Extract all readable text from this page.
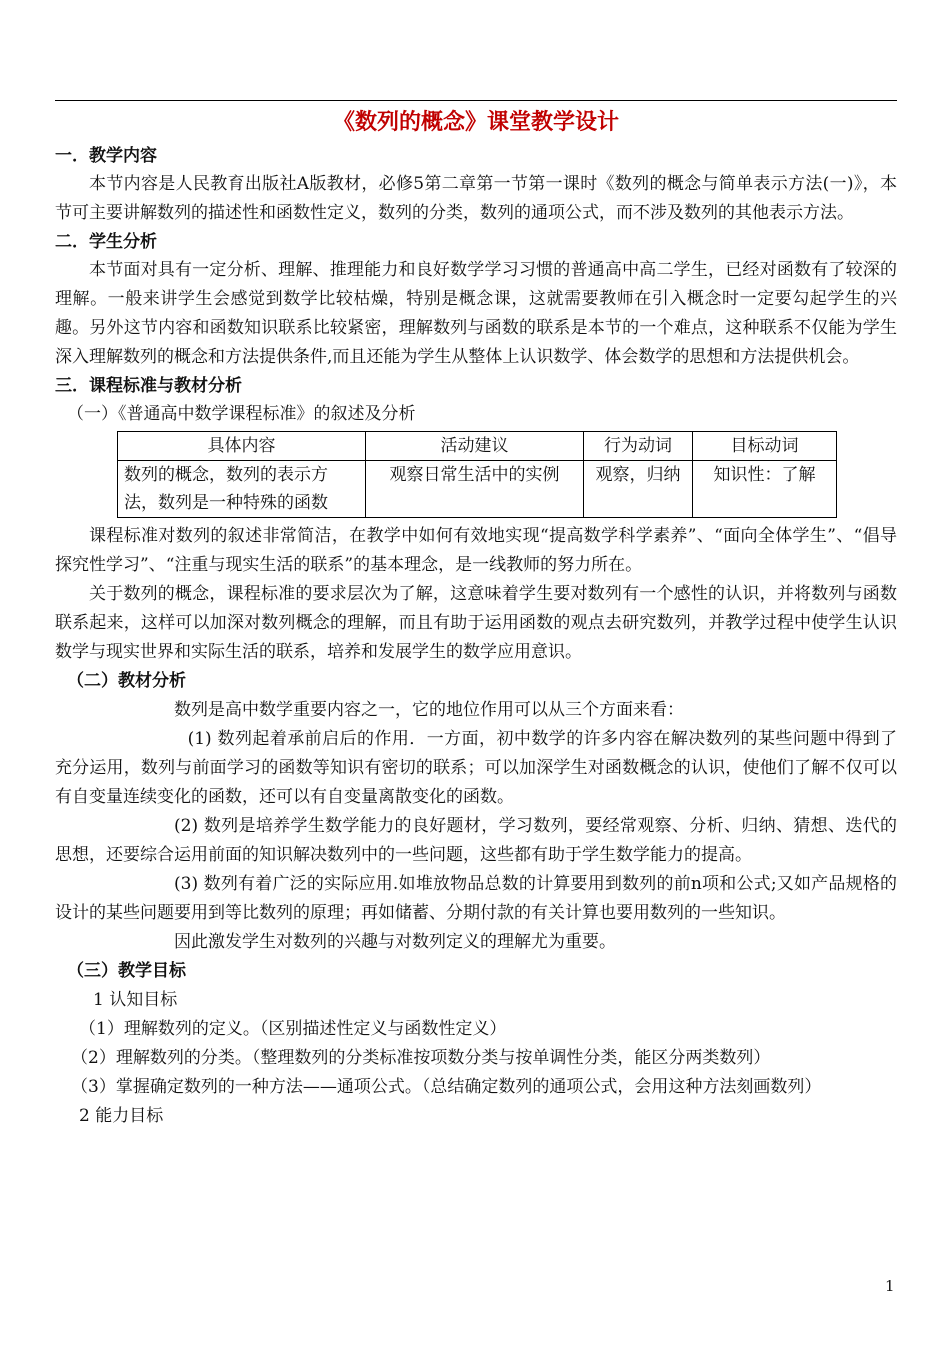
《数列的概念》课堂教学设计
一．教学内容

本节内容是人民教育出版社A版教材，必修5第二章第一节第一课时《数列的概念与简单表示方法(一)》，本节可主要讲解数列的描述性和函数性定义，数列的分类，数列的通项公式，而不涉及数列的其他表示方法。

二．学生分析

本节面对具有一定分析、理解、推理能力和良好数学学习习惯的普通高中高二学生，已经对函数有了较深的理解。一般来讲学生会感觉到数学比较枯燥，特别是概念课，这就需要教师在引入概念时一定要勾起学生的兴趣。另外这节内容和函数知识联系比较紧密，理解数列与函数的联系是本节的一个难点，这种联系不仅能为学生深入理解数列的概念和方法提供条件,而且还能为学生从整体上认识数学、体会数学的思想和方法提供机会。

三．课程标准与教材分析
（一）《普通高中数学课程标准》的叙述及分析
具体内容	活动建议	行为动词	目标动词
数列的概念，数列的表示方法，数列是一种特殊的函数	观察日常生活中的实例	观察，归纳	知识性：了解

课程标准对数列的叙述非常简洁，在教学中如何有效地实现“提高数学科学素养”、“面向全体学生”、“倡导探究性学习”、“注重与现实生活的联系”的基本理念，是一线教师的努力所在。

关于数列的概念，课程标准的要求层次为了解，这意味着学生要对数列有一个感性的认识，并将数列与函数联系起来，这样可以加深对数列概念的理解，而且有助于运用函数的观点去研究数列，并教学过程中使学生认识数学与现实世界和实际生活的联系，培养和发展学生的数学应用意识。

（二）教材分析

数列是高中数学重要内容之一，它的地位作用可以从三个方面来看：

(1) 数列起着承前启后的作用．一方面，初中数学的许多内容在解决数列的某些问题中得到了充分运用，数列与前面学习的函数等知识有密切的联系；可以加深学生对函数概念的认识，使他们了解不仅可以有自变量连续变化的函数，还可以有自变量离散变化的函数。

(2) 数列是培养学生数学能力的良好题材，学习数列，要经常观察、分析、归纳、猜想、迭代的思想，还要综合运用前面的知识解决数列中的一些问题，这些都有助于学生数学能力的提高。

(3) 数列有着广泛的实际应用.如堆放物品总数的计算要用到数列的前n项和公式;又如产品规格的设计的某些问题要用到等比数列的原理；再如储蓄、分期付款的有关计算也要用数列的一些知识。

因此激发学生对数列的兴趣与对数列定义的理解尤为重要。

（三）教学目标

1 认知目标

（1）理解数列的定义。（区别描述性定义与函数性定义）

（2）理解数列的分类。（整理数列的分类标准按项数分类与按单调性分类，能区分两类数列）

（3）掌握确定数列的一种方法——通项公式。（总结确定数列的通项公式，会用这种方法刻画数列）

2 能力目标

1
